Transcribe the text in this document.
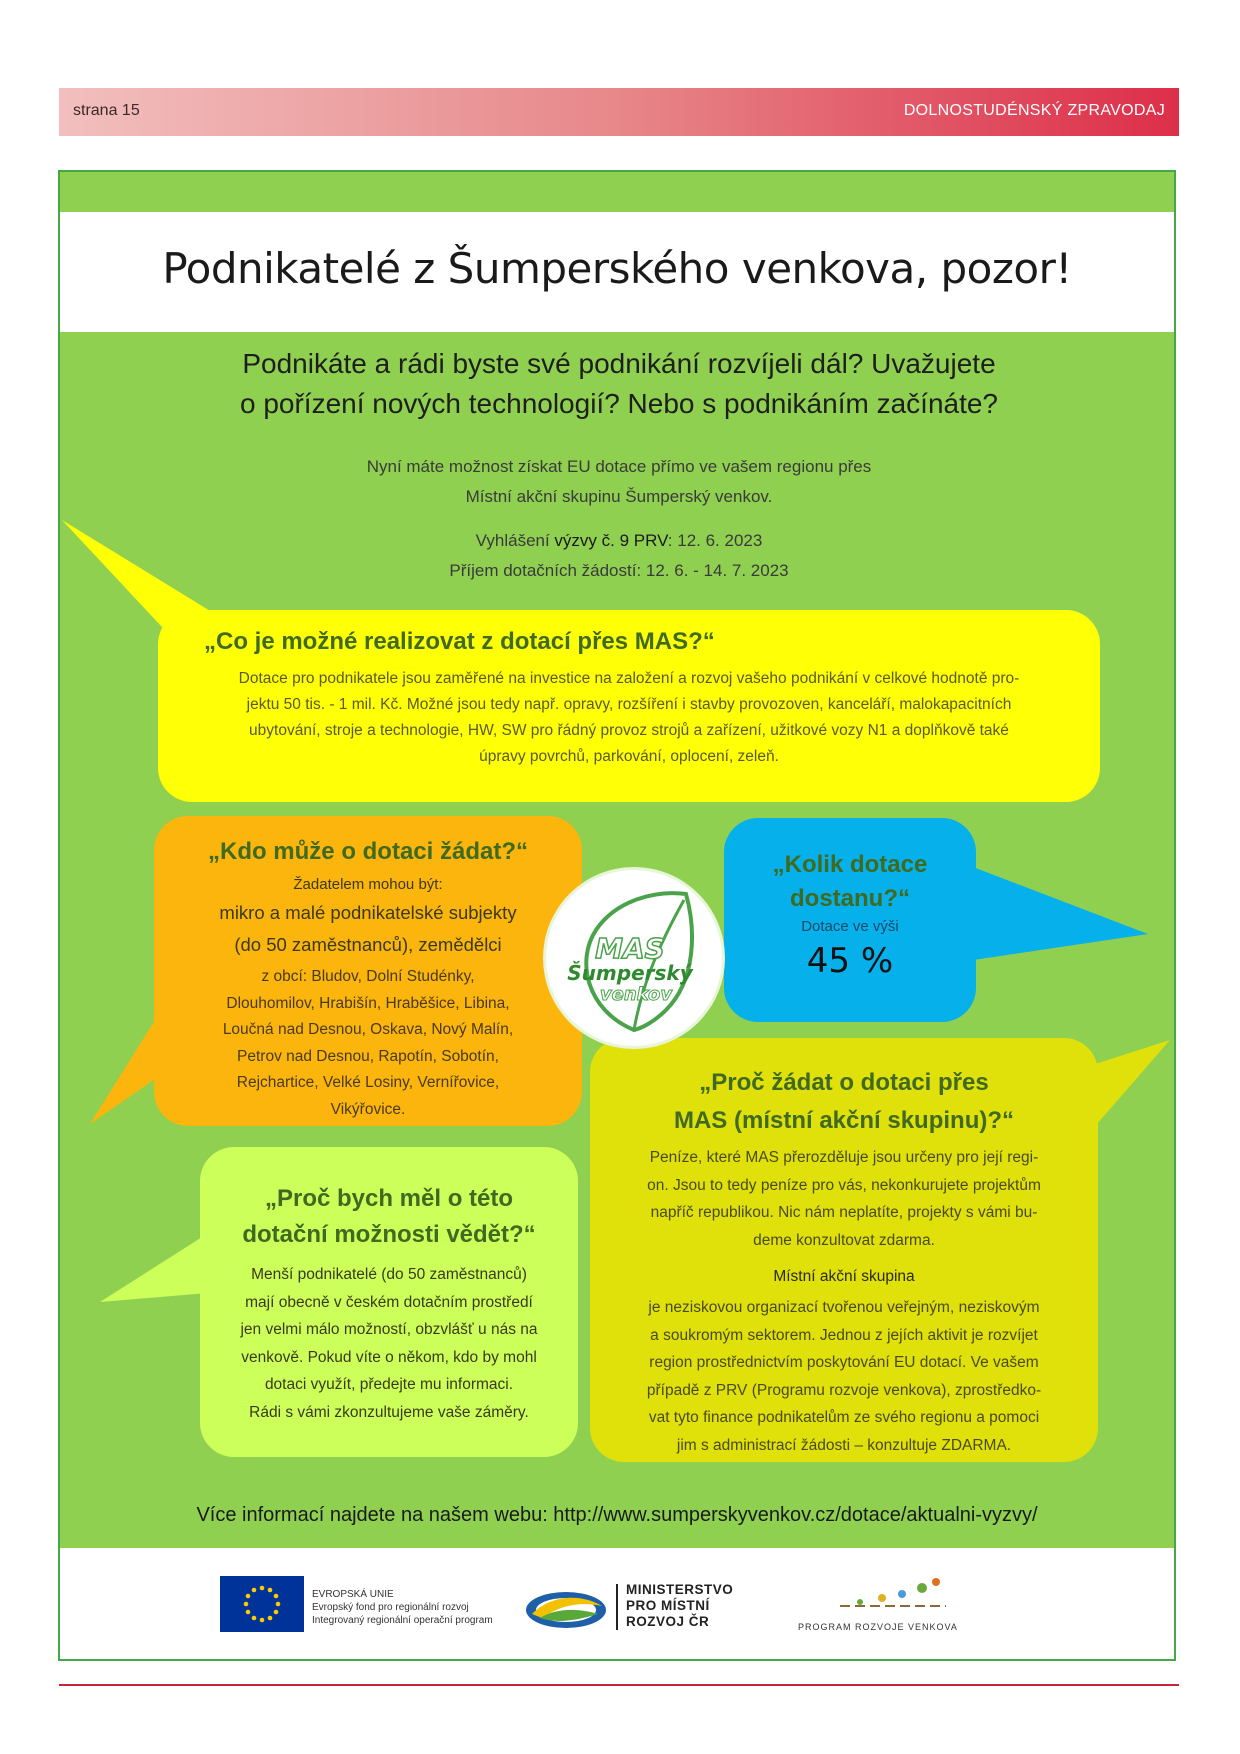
strana 15	DOLNOSTUDÉNSKÝ ZPRAVODAJ
Podnikatelé z Šumperského venkova, pozor!
Podnikáte a rádi byste své podnikání rozvíjeli dál? Uvažujete
o pořízení nových technologií? Nebo s podnikáním začínáte?
Nyní máte možnost získat EU dotace přímo ve vašem regionu přes
Místní akční skupinu Šumperský venkov.
Vyhlášení výzvy č. 9 PRV: 12. 6. 2023
Příjem dotačních žádostí: 12. 6. - 14. 7. 2023
„Co je možné realizovat z dotací přes MAS?“
Dotace pro podnikatele jsou zaměřené na investice na založení a rozvoj vašeho podnikání v celkové hodnotě pro-
jektu 50 tis. - 1 mil. Kč. Možné jsou tedy např. opravy, rozšíření i stavby provozoven, kanceláří, malokapacitních
ubytování, stroje a technologie, HW, SW pro řádný provoz strojů a zařízení, užitkové vozy N1 a doplňkově také
úpravy povrchů, parkování, oplocení, zeleň.
„Kdo může o dotaci žádat?“
Žadatelem mohou být:
mikro a malé podnikatelské subjekty
(do 50 zaměstnanců), zemědělci
z obcí: Bludov, Dolní Studénky,
Dlouhomilov, Hrabišín, Hraběšice, Libina,
Loučná nad Desnou, Oskava, Nový Malín,
Petrov nad Desnou, Rapotín, Sobotín,
Rejchartice, Velké Losiny, Vernířovice,
Vikýřovice.
„Kolik dotace
dostanu?“
Dotace ve výši
45 %
„Proč bych měl o této
dotační možnosti vědět?“
Menší podnikatelé (do 50 zaměstnanců)
mají obecně v českém dotačním prostředí
jen velmi málo možností, obzvlášť u nás na
venkově. Pokud víte o někom, kdo by mohl
dotaci využít, předejte mu informaci.
Rádi s vámi zkonzultujeme vaše záměry.
„Proč žádat o dotaci přes
MAS (místní akční skupinu)?“
Peníze, které MAS přerozděluje jsou určeny pro její regi-
on. Jsou to tedy peníze pro vás, nekonkurujete projektům
napříč republikou. Nic nám neplatíte, projekty s vámi bu-
deme konzultovat zdarma.
Místní akční skupina
je neziskovou organizací tvořenou veřejným, neziskovým
a soukromým sektorem. Jednou z jejích aktivit je rozvíjet
region prostřednictvím poskytování EU dotací. Ve vašem
případě z PRV (Programu rozvoje venkova), zprostředko-
vat tyto finance podnikatelům ze svého regionu a pomoci
jim s administrací žádosti – konzultuje ZDARMA.
MAS
Šumperský
venkov
Více informací najdete na našem webu: http://www.sumperskyvenkov.cz/dotace/aktualni-vyzvy/
EVROPSKÁ UNIE
Evropský fond pro regionální rozvoj
Integrovaný regionální operační program
MINISTERSTVO
PRO MÍSTNÍ
ROZVOJ ČR	PROGRAM ROZVOJE VENKOVA
